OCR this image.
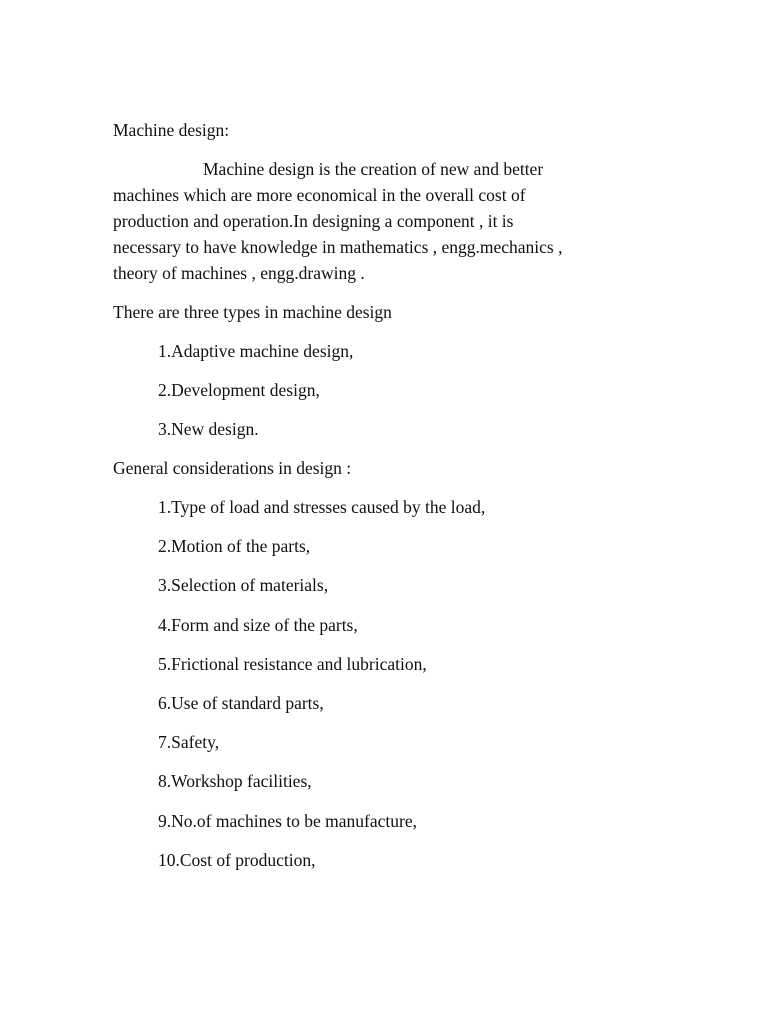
Machine design:
Machine design is the creation of new and better
machines which are more economical in the overall cost of
production and operation.In designing a component , it is
necessary to have knowledge in mathematics , engg.mechanics ,
theory of machines , engg.drawing .
There are three types in machine design
1.Adaptive machine design,
2.Development design,
3.New design.
General considerations in design :
1.Type of load and stresses caused by the load,
2.Motion of the parts,
3.Selection of materials,
4.Form and size of the parts,
5.Frictional resistance and lubrication,
6.Use of standard parts,
7.Safety,
8.Workshop facilities,
9.No.of machines to be manufacture,
10.Cost of production,
